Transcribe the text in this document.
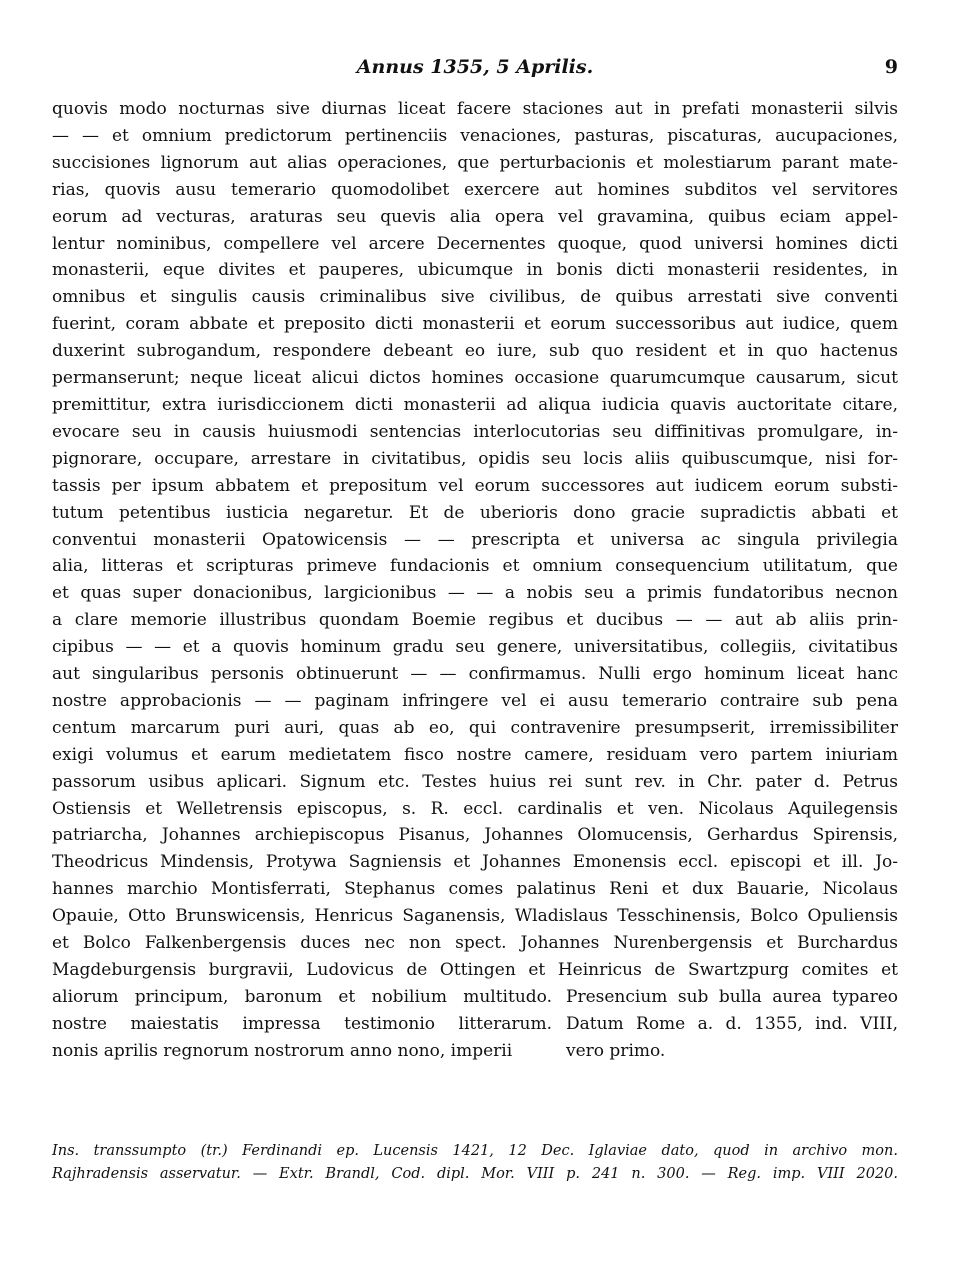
Annus 1355, 5 Aprilis.	9
quovis modo nocturnas sive diurnas liceat facere staciones aut in prefati monasterii silvis
— — et omnium predictorum pertinenciis venaciones, pasturas, piscaturas, aucupaciones,
succisiones lignorum aut alias operaciones, que perturbacionis et molestiarum parant mate-
rias, quovis ausu temerario quomodolibet exercere aut homines subditos vel servitores
eorum ad vecturas, araturas seu quevis alia opera vel gravamina, quibus eciam appel-
lentur nominibus, compellere vel arcere Decernentes quoque, quod universi homines dicti
monasterii, eque divites et pauperes, ubicumque in bonis dicti monasterii residentes, in
omnibus et singulis causis criminalibus sive civilibus, de quibus arrestati sive conventi
fuerint, coram abbate et preposito dicti monasterii et eorum successoribus aut iudice, quem
duxerint subrogandum, respondere debeant eo iure, sub quo resident et in quo hactenus
permanserunt; neque liceat alicui dictos homines occasione quarumcumque causarum, sicut
premittitur, extra iurisdiccionem dicti monasterii ad aliqua iudicia quavis auctoritate citare,
evocare seu in causis huiusmodi sentencias interlocutorias seu diffinitivas promulgare, in-
pignorare, occupare, arrestare in civitatibus, opidis seu locis aliis quibuscumque, nisi for-
tassis per ipsum abbatem et prepositum vel eorum successores aut iudicem eorum substi-
tutum petentibus iusticia negaretur. Et de uberioris dono gracie supradictis abbati et
conventui monasterii Opatowicensis — — prescripta et universa ac singula privilegia
alia, litteras et scripturas primeve fundacionis et omnium consequencium utilitatum, que
et quas super donacionibus, largicionibus — — a nobis seu a primis fundatoribus necnon
a clare memorie illustribus quondam Boemie regibus et ducibus — — aut ab aliis prin-
cipibus — — et a quovis hominum gradu seu genere, universitatibus, collegiis, civitatibus
aut singularibus personis obtinuerunt — — confirmamus. Nulli ergo hominum liceat hanc
nostre approbacionis — — paginam infringere vel ei ausu temerario contraire sub pena
centum marcarum puri auri, quas ab eo, qui contravenire presumpserit, irremissibiliter
exigi volumus et earum medietatem fisco nostre camere, residuam vero partem iniuriam
passorum usibus aplicari. Signum etc. Testes huius rei sunt rev. in Chr. pater d. Petrus
Ostiensis et Welletrensis episcopus, s. R. eccl. cardinalis et ven. Nicolaus Aquilegensis
patriarcha, Johannes archiepiscopus Pisanus, Johannes Olomucensis, Gerhardus Spirensis,
Theodricus Mindensis, Protywa Sagniensis et Johannes Emonensis eccl. episcopi et ill. Jo-
hannes marchio Montisferrati, Stephanus comes palatinus Reni et dux Bauarie, Nicolaus
Opauie, Otto Brunswicensis, Henricus Saganensis, Wladislaus Tesschinensis, Bolco Opuliensis
et Bolco Falkenbergensis duces nec non spect. Johannes Nurenbergensis et Burchardus
Magdeburgensis burgravii, Ludovicus de Ottingen et Heinricus de Swartzpurg comites et
aliorum principum, baronum et nobilium multitudo. Presencium sub bulla aurea typareo
nostre maiestatis impressa testimonio litterarum. Datum Rome a. d. 1355, ind. VIII,
nonis aprilis regnorum nostrorum anno nono, imperii	vero primo.
Ins. transsumpto (tr.) Ferdinandi ep. Lucensis 1421, 12 Dec. Iglaviae dato, quod in archivo mon.
Rajhradensis asservatur. — Extr. Brandl, Cod. dipl. Mor. VIII p. 241 n. 300. — Reg. imp. VIII 2020.
